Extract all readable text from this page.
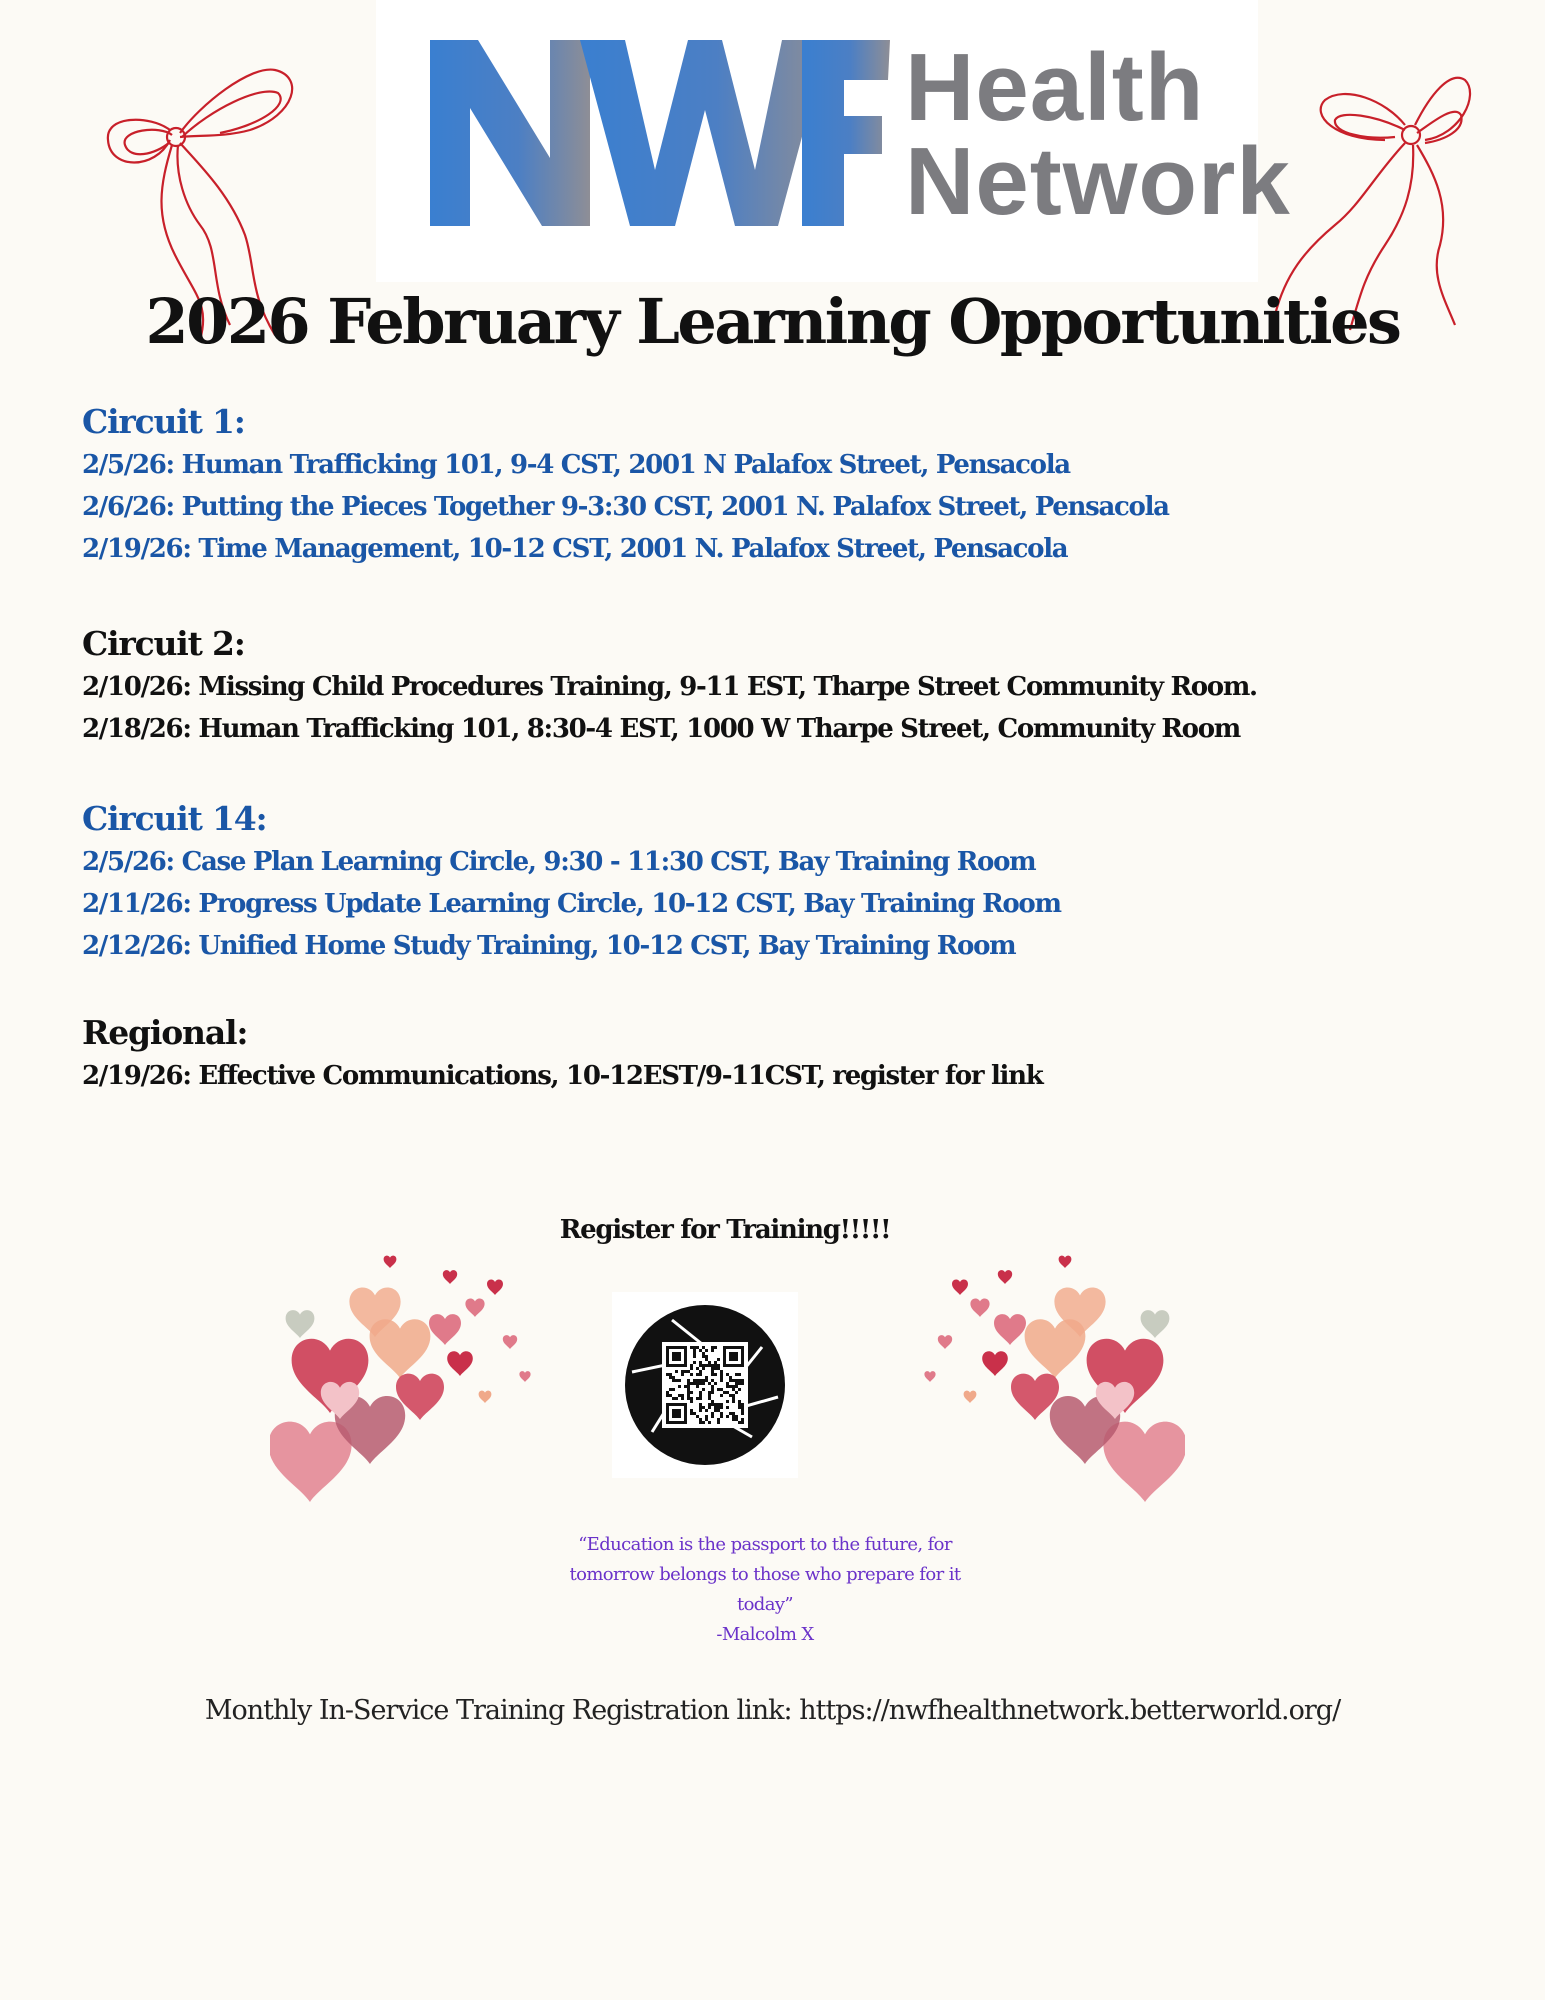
Health
Network
2026 February Learning Opportunities

Circuit 1:

2/5/26: Human Trafficking 101, 9-4 CST, 2001 N Palafox Street, Pensacola

2/6/26: Putting the Pieces Together 9-3:30 CST, 2001 N. Palafox Street, Pensacola

2/19/26: Time Management, 10-12 CST, 2001 N. Palafox Street, Pensacola

Circuit 2:

2/10/26: Missing Child Procedures Training, 9-11 EST, Tharpe Street Community Room.

2/18/26: Human Trafficking 101, 8:30-4 EST, 1000 W Tharpe Street, Community Room

Circuit 14:

2/5/26: Case Plan Learning Circle, 9:30 - 11:30 CST, Bay Training Room

2/11/26: Progress Update Learning Circle, 10-12 CST, Bay Training Room

2/12/26: Unified Home Study Training, 10-12 CST, Bay Training Room

Regional:

2/19/26: Effective Communications, 10-12EST/9-11CST, register for link

Register for Training!!!!!

“Education is the passport to the future, for

tomorrow belongs to those who prepare for it

today”

-Malcolm X

Monthly In-Service Training Registration link: https://nwfhealthnetwork.betterworld.org/
